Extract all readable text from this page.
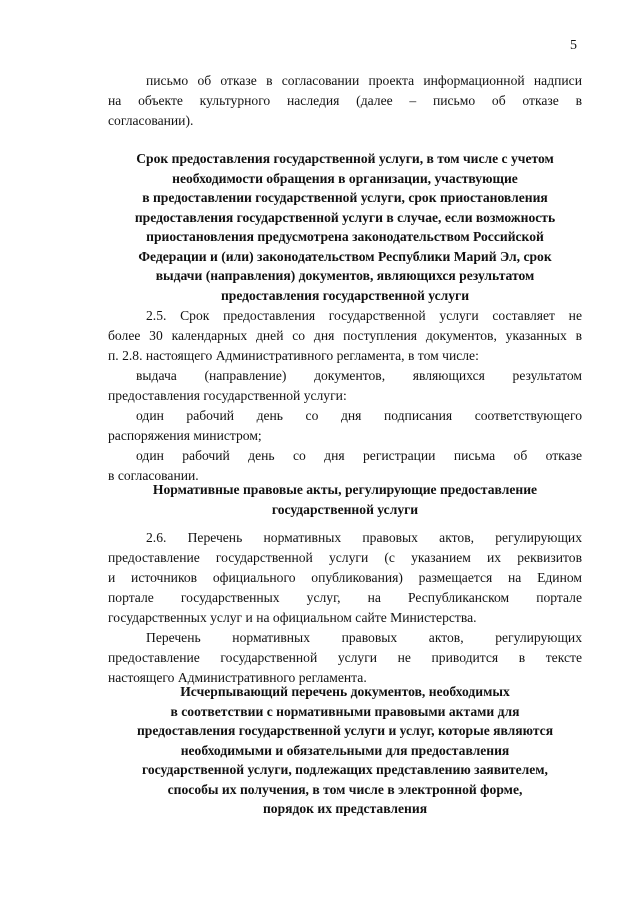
5
письмо об отказе в согласовании проекта информационной надписи
на объекте культурного наследия (далее – письмо об отказе в
согласовании).
Срок предоставления государственной услуги, в том числе с учетом
необходимости обращения в организации, участвующие
в предоставлении государственной услуги, срок приостановления
предоставления государственной услуги в случае, если возможность
приостановления предусмотрена законодательством Российской
Федерации и (или) законодательством Республики Марий Эл, срок
выдачи (направления) документов, являющихся результатом
предоставления государственной услуги
2.5. Срок предоставления государственной услуги составляет не
более 30 календарных дней со дня поступления документов, указанных в
п. 2.8. настоящего Административного регламента, в том числе:
выдача (направление) документов, являющихся результатом
предоставления государственной услуги:
один рабочий день со дня подписания соответствующего
распоряжения министром;
один рабочий день со дня регистрации письма об отказе
в согласовании.
Нормативные правовые акты, регулирующие предоставление
государственной услуги
2.6. Перечень нормативных правовых актов, регулирующих
предоставление государственной услуги (с указанием их реквизитов
и источников официального опубликования) размещается на Едином
портале государственных услуг, на Республиканском портале
государственных услуг и на официальном сайте Министерства.
Перечень нормативных правовых актов, регулирующих
предоставление государственной услуги не приводится в тексте
настоящего Административного регламента.
Исчерпывающий перечень документов, необходимых
в соответствии с нормативными правовыми актами для
предоставления государственной услуги и услуг, которые являются
необходимыми и обязательными для предоставления
государственной услуги, подлежащих представлению заявителем,
способы их получения, в том числе в электронной форме,
порядок их представления
